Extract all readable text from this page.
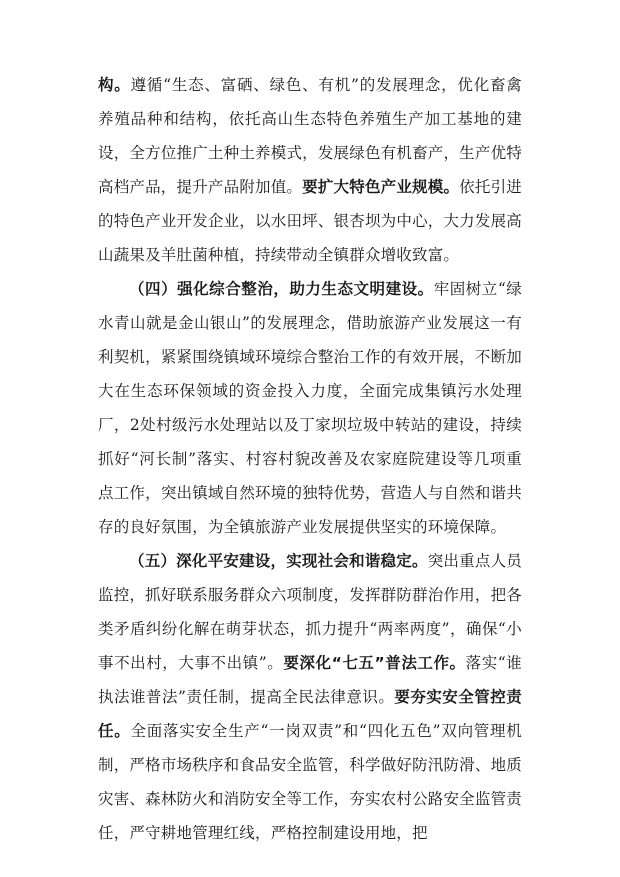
构。遵循“生态、富硒、绿色、有机”的发展理念，优化畜禽养殖品种和结构，依托高山生态特色养殖生产加工基地的建设，全方位推广土种土养模式，发展绿色有机畜产，生产优特高档产品，提升产品附加值。要扩大特色产业规模。依托引进的特色产业开发企业，以水田坪、银杏坝为中心，大力发展高山蔬果及羊肚菌种植，持续带动全镇群众增收致富。

（四）强化综合整治，助力生态文明建设。牢固树立“绿水青山就是金山银山”的发展理念，借助旅游产业发展这一有利契机，紧紧围绕镇域环境综合整治工作的有效开展，不断加大在生态环保领域的资金投入力度，全面完成集镇污水处理厂，2处村级污水处理站以及丁家坝垃圾中转站的建设，持续抓好“河长制”落实、村容村貌改善及农家庭院建设等几项重点工作，突出镇域自然环境的独特优势，营造人与自然和谐共存的良好氛围，为全镇旅游产业发展提供坚实的环境保障。

（五）深化平安建设，实现社会和谐稳定。突出重点人员监控，抓好联系服务群众六项制度，发挥群防群治作用，把各类矛盾纠纷化解在萌芽状态，抓力提升“两率两度”，确保“小事不出村，大事不出镇”。要深化“七五”普法工作。落实“谁执法谁普法”责任制，提高全民法律意识。要夯实安全管控责任。全面落实安全生产“一岗双责”和“四化五色”双向管理机制，严格市场秩序和食品安全监管，科学做好防汛防滑、地质灾害、森林防火和消防安全等工作，夯实农村公路安全监管责任，严守耕地管理红线，严格控制建设用地，把
